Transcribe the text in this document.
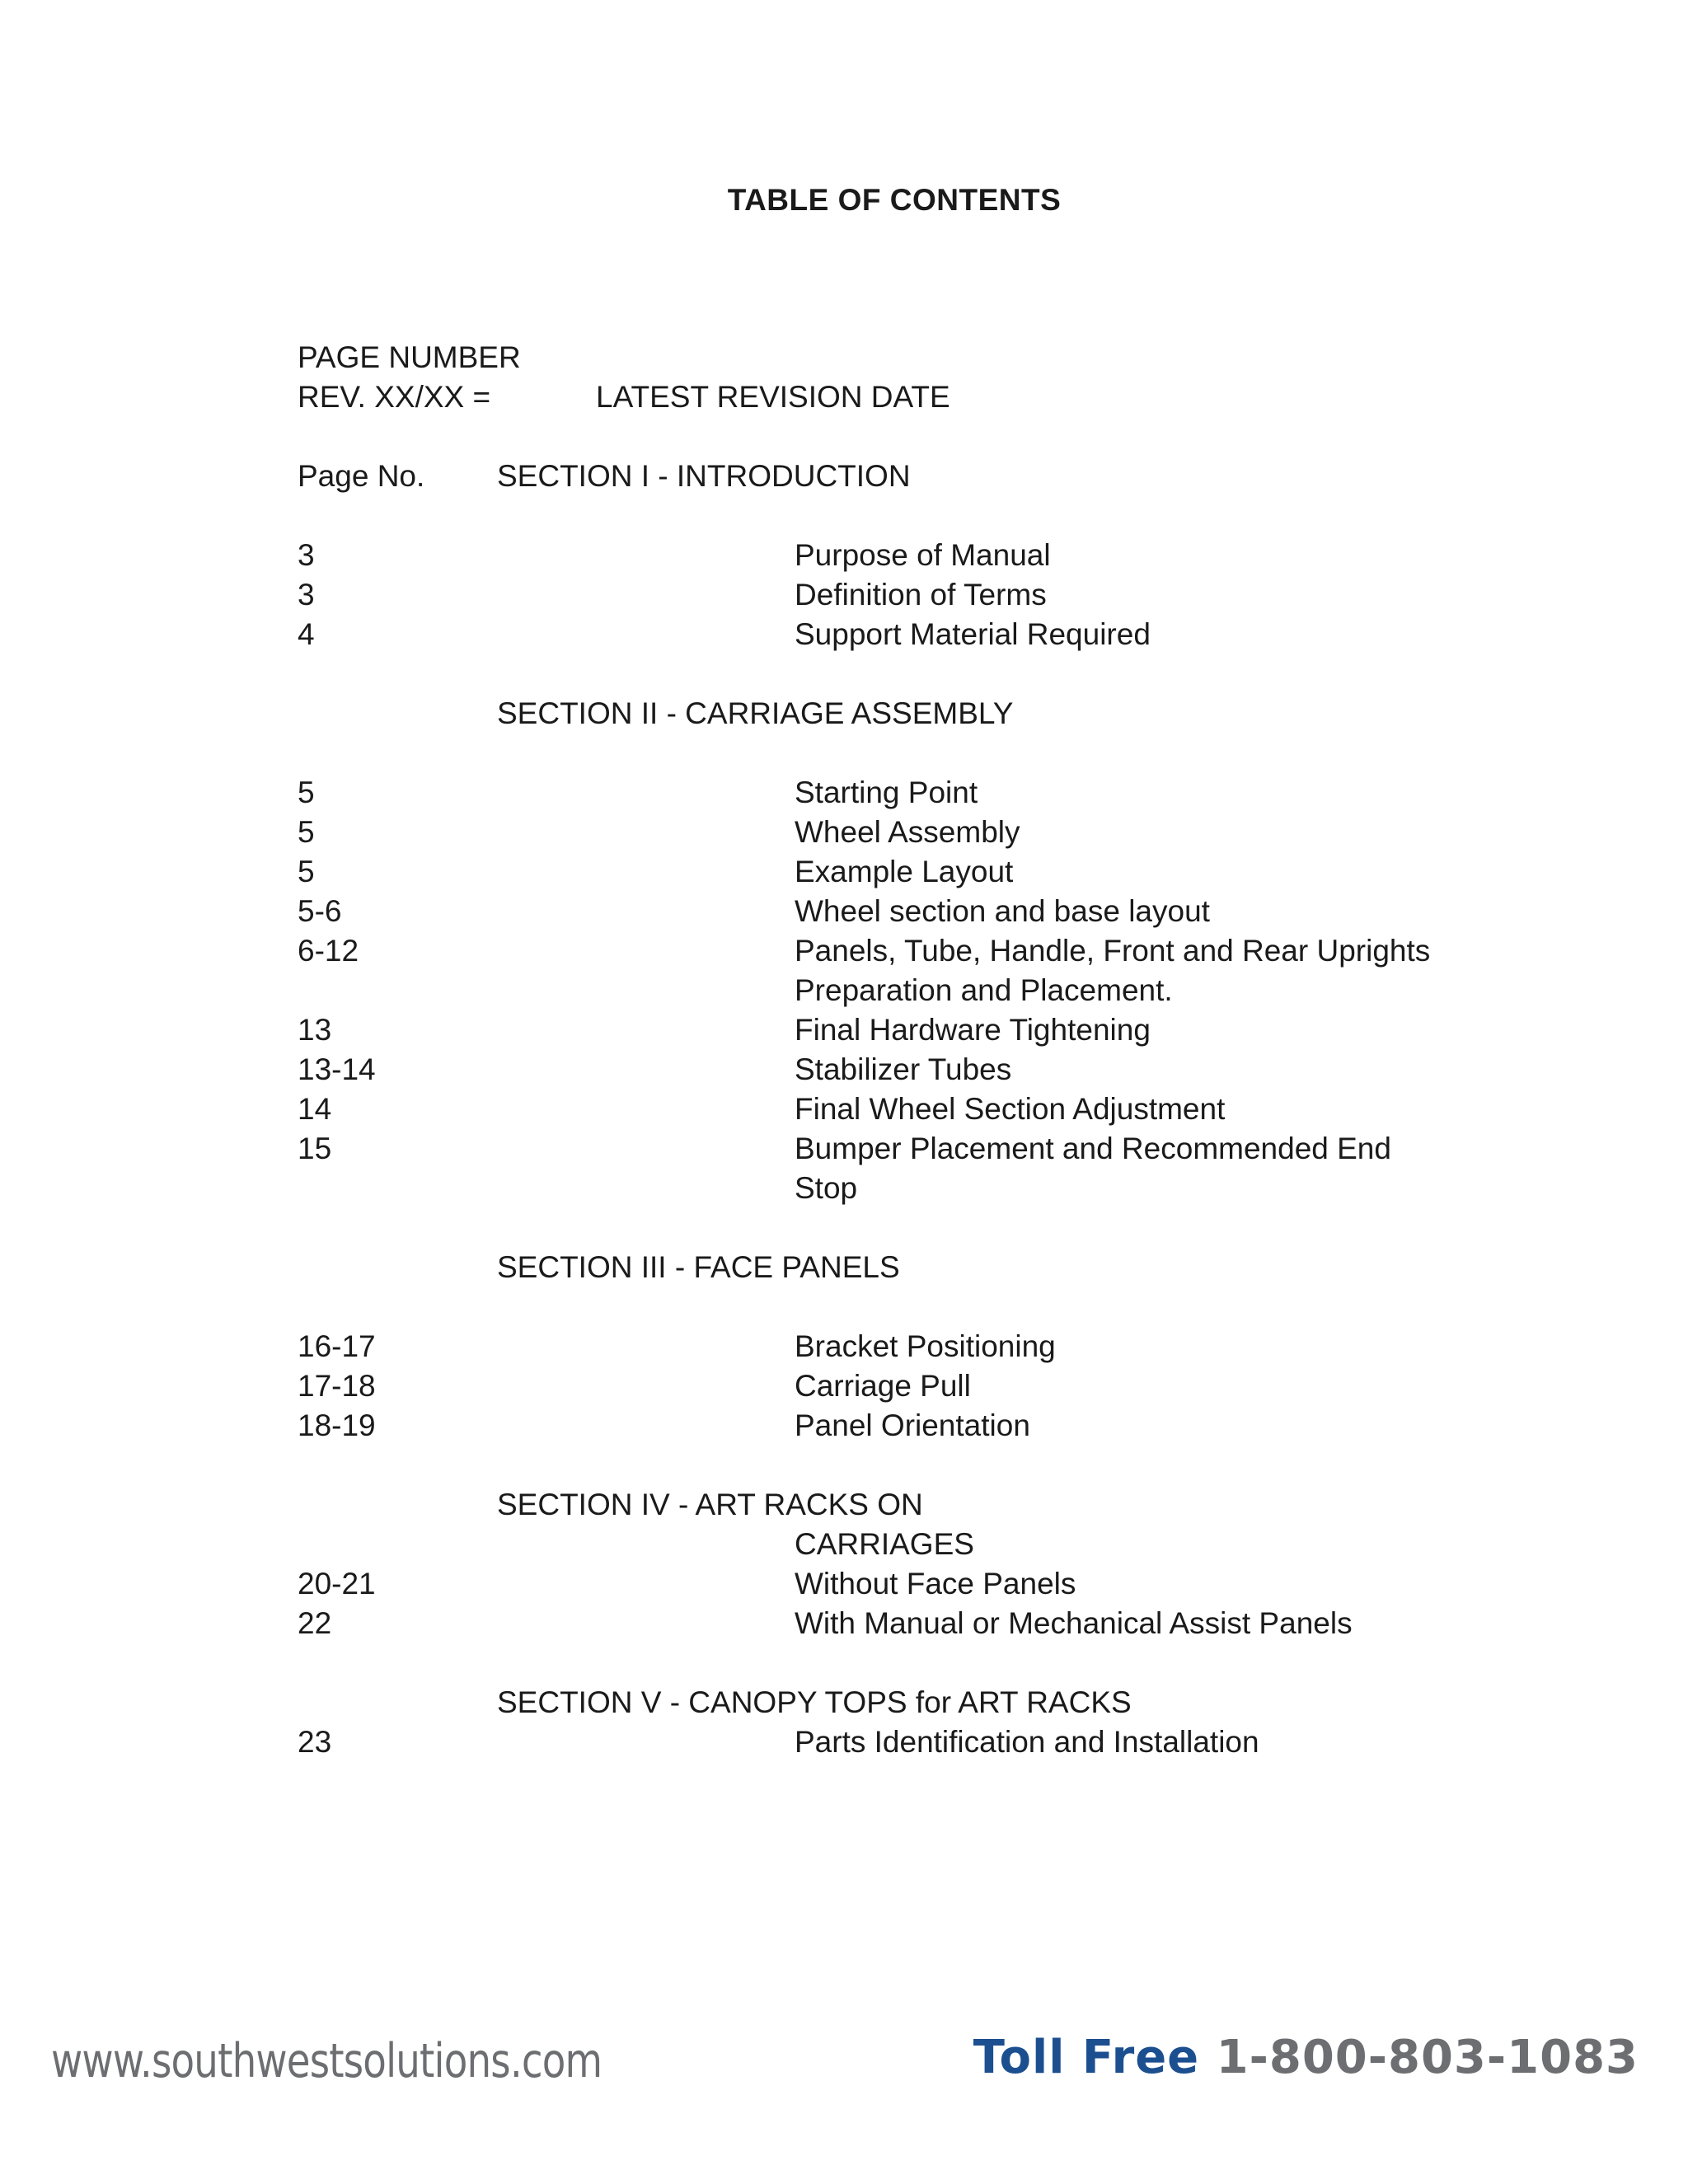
TABLE OF CONTENTS
PAGE NUMBER
REV. XX/XX =	LATEST REVISION DATE
Page No. SECTION I - INTRODUCTION
3	Purpose of Manual
3	Definition of Terms
4	Support Material Required
SECTION II - CARRIAGE ASSEMBLY
5	Starting Point
5	Wheel Assembly
5	Example Layout
5-6	Wheel section and base layout
6-12	Panels, Tube, Handle, Front and Rear Uprights
Preparation and Placement.
13	Final Hardware Tightening
13-14	Stabilizer Tubes
14	Final Wheel Section Adjustment
15	Bumper Placement and Recommended End
Stop
SECTION III - FACE PANELS
16-17	Bracket Positioning
17-18	Carriage Pull
18-19	Panel Orientation
SECTION IV - ART RACKS ON
CARRIAGES
20-21	Without Face Panels
22	With Manual or Mechanical Assist Panels
SECTION V - CANOPY TOPS for ART RACKS
23	Parts Identification and Installation
www.southwestsolutions.com	Toll Free 1-800-803-1083
